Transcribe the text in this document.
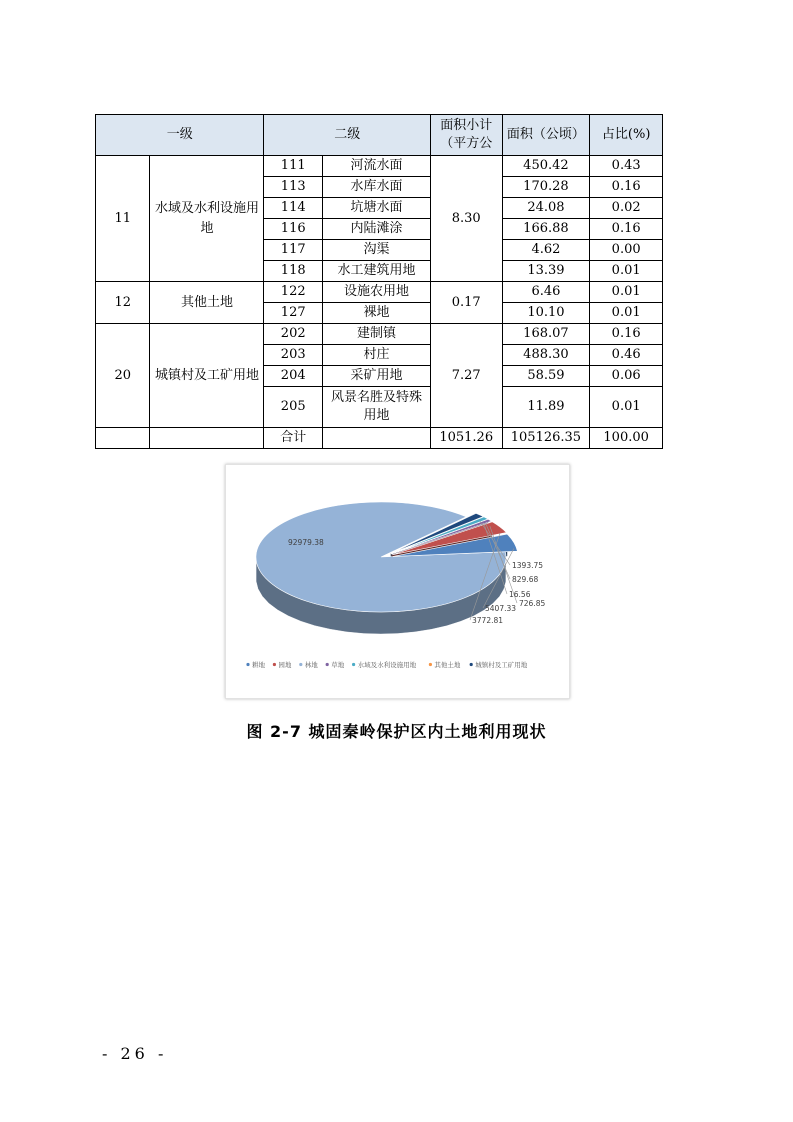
一级		二级		面积小计（平方公	面积（公顷）	占比(%)
11	水域及水利设施用地	111	河流水面	8.30	450.42	0.43
		113	水库水面		170.28	0.16
		114	坑塘水面		24.08	0.02
		116	内陆滩涂		166.88	0.16
		117	沟渠		4.62	0.00
		118	水工建筑用地		13.39	0.01
12	其他土地	122	设施农用地	0.17	6.46	0.01
		127	裸地		10.10	0.01
20	城镇村及工矿用地	202	建制镇	7.27	168.07	0.16
		203	村庄		488.30	0.46
		204	采矿用地		58.59	0.06
		205	风景名胜及特殊用地		11.89	0.01
		合计		1051.26	105126.35	100.00
5407.33
3772.81
92979.38
726.85
829.68
16.56
1393.75
耕地 园地 林地 草地 水域及水利设施用地	其他土地 城镇村及工矿用地
图 2-7 城固秦岭保护区内土地利用现状
- 26 -
